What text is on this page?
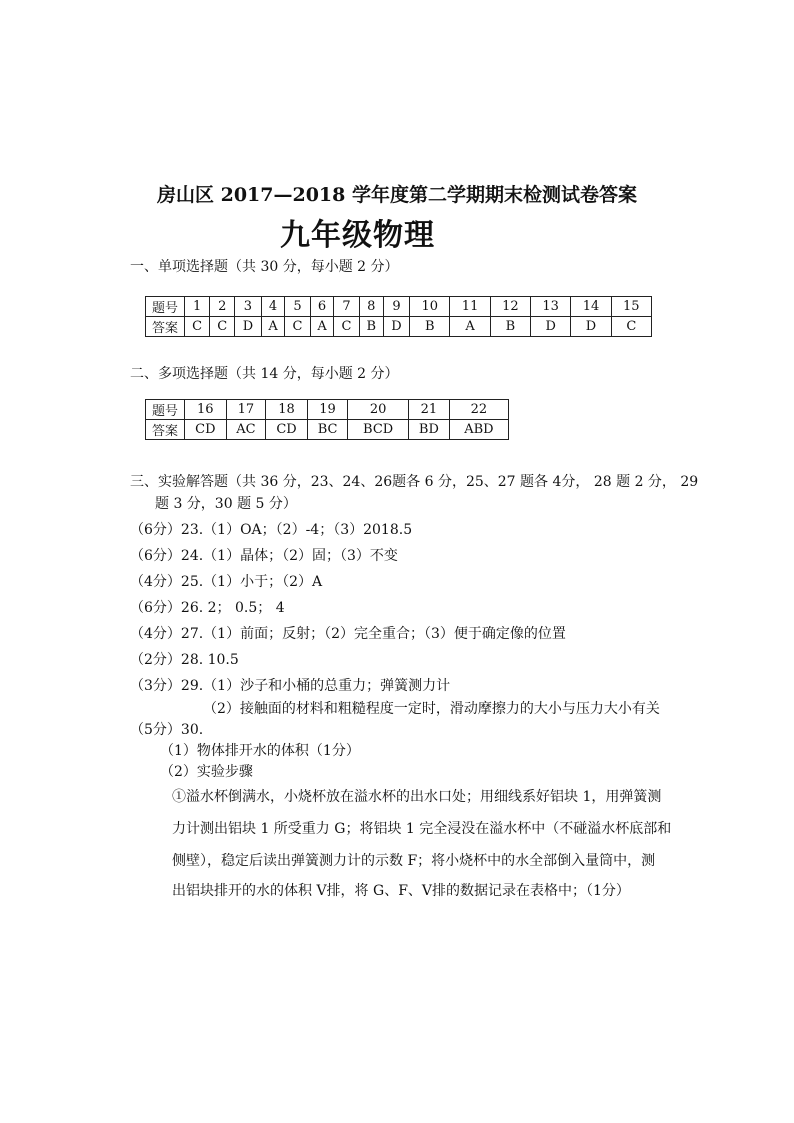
房山区 2017—2018 学年度第二学期期末检测试卷答案
九年级物理
一、单项选择题（共 30 分，每小题 2 分）
题号	1	2	3	4	5	6	7	8	9	10	11	12	13	14	15
答案	C	C	D	A	C	A	C	B	D	B	A	B	D	D	C
二、多项选择题（共 14 分，每小题 2 分）
题号	16	17	18	19	20	21	22
答案	CD	AC	CD	BC	BCD	BD	ABD
三、实验解答题（共 36 分，23、24、26题各 6 分，25、27 题各 4分， 28 题 2 分， 29
题 3 分，30 题 5 分）
（6分）23.（1）OA；（2）-4；（3）2018.5
（6分）24.（1）晶体；（2）固；（3）不变
（4分）25.（1）小于；（2）A
（6分）26. 2； 0.5； 4
（4分）27.（1）前面；反射；（2）完全重合；（3）便于确定像的位置
（2分）28. 10.5
（3分）29.（1）沙子和小桶的总重力；弹簧测力计
（2）接触面的材料和粗糙程度一定时，滑动摩擦力的大小与压力大小有关
（5分）30.
（1）物体排开水的体积（1分）
（2）实验步骤
①溢水杯倒满水，小烧杯放在溢水杯的出水口处；用细线系好铝块 1，用弹簧测
力计测出铝块 1 所受重力 G；将铝块 1 完全浸没在溢水杯中（不碰溢水杯底部和
侧壁），稳定后读出弹簧测力计的示数 F；将小烧杯中的水全部倒入量筒中，测
出铝块排开的水的体积 V排，将 G、F、V排的数据记录在表格中；（1分）
